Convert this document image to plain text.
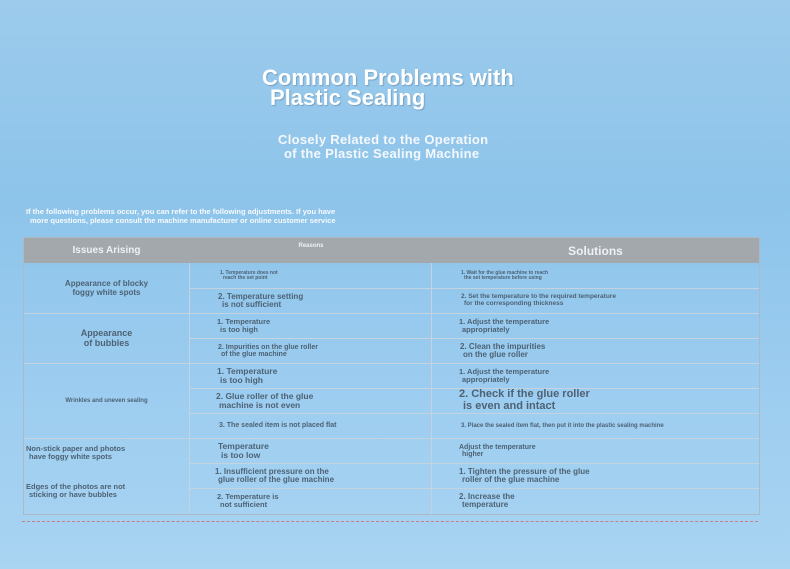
Common Problems with
Plastic Sealing
Closely Related to the Operation
of the Plastic Sealing Machine
If the following problems occur, you can refer to the following adjustments. If you have
more questions, please consult the machine manufacturer or online customer service
Issues Arising	Reasons	Solutions
Appearance of blocky
foggy white spots
Appearance
of bubbles
Wrinkles and uneven sealing
Non-stick paper and photos
have foggy white spots
Edges of the photos are not
sticking or have bubbles
1. Temperature does not
reach the set point
2. Temperature setting
is not sufficient
1. Temperature
is too high
2. Impurities on the glue roller
of the glue machine
1. Temperature
is too high
2. Glue roller of the glue
machine is not even
3. The sealed item is not placed flat
Temperature
is too low
1. Insufficient pressure on the
glue roller of the glue machine
2. Temperature is
not sufficient
1. Wait for the glue machine to reach
the set temperature before using
2. Set the temperature to the required temperature
for the corresponding thickness
1. Adjust the temperature
appropriately
2. Clean the impurities
on the glue roller
1. Adjust the temperature
appropriately
2. Check if the glue roller
is even and intact
3. Place the sealed item flat, then put it into the plastic sealing machine
Adjust the temperature
higher
1. Tighten the pressure of the glue
roller of the glue machine
2. Increase the
temperature
